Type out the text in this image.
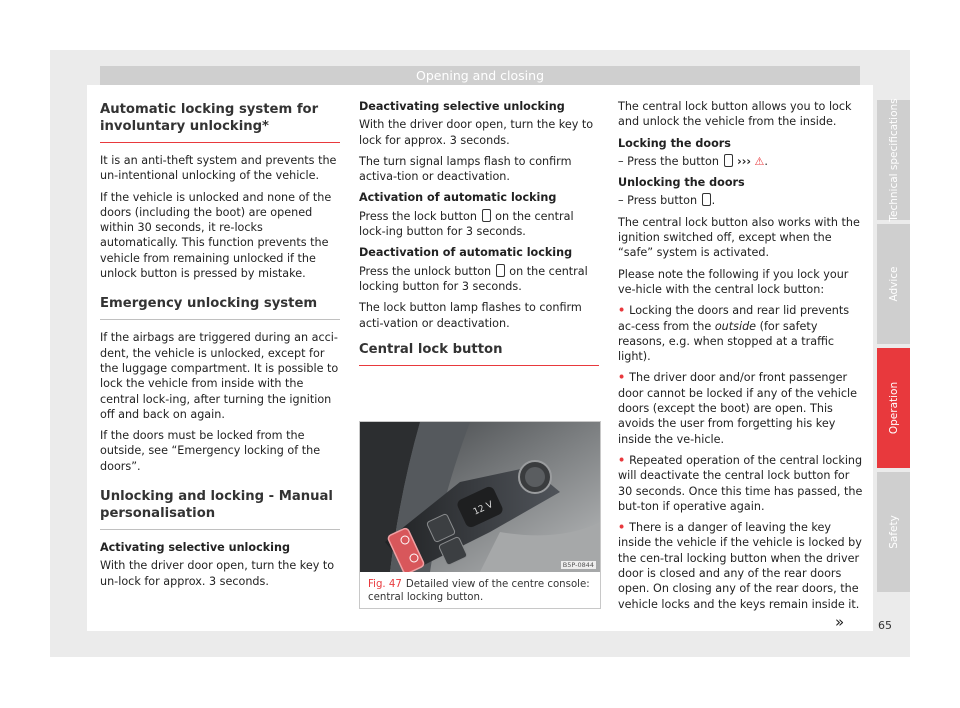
Opening and closing
Automatic locking system for involuntary unlocking*

It is an anti-theft system and prevents the un-intentional unlocking of the vehicle.

If the vehicle is unlocked and none of the doors (including the boot) are opened within 30 seconds, it re-locks automatically. This function prevents the vehicle from remaining unlocked if the unlock button is pressed by mistake.

Emergency unlocking system

If the airbags are triggered during an acci-dent, the vehicle is unlocked, except for the luggage compartment. It is possible to lock the vehicle from inside with the central lock-ing, after turning the ignition off and back on again.

If the doors must be locked from the outside, see “Emergency locking of the doors”.

Unlocking and locking - Manual personalisation
Activating selective unlocking

With the driver door open, turn the key to un-lock for approx. 3 seconds.

Deactivating selective unlocking

With the driver door open, turn the key to lock for approx. 3 seconds.

The turn signal lamps flash to confirm activa-tion or deactivation.

Activation of automatic locking

Press the lock button on the central lock-ing button for 3 seconds.

Deactivation of automatic locking

Press the unlock button on the central locking button for 3 seconds.

The lock button lamp flashes to confirm acti-vation or deactivation.

Central lock button
12 V
B5P-0844
Fig. 47 Detailed view of the centre console: central locking button.

The central lock button allows you to lock and unlock the vehicle from the inside.

Locking the doors

– Press the button ››› ⚠.

Unlocking the doors

– Press button .

The central lock button also works with the ignition switched off, except when the “safe” system is activated.

Please note the following if you lock your ve-hicle with the central lock button:

• Locking the doors and rear lid prevents ac-cess from the outside (for safety reasons, e.g. when stopped at a traffic light).

• The driver door and/or front passenger door cannot be locked if any of the vehicle doors (except the boot) are open. This avoids the user from forgetting his key inside the ve-hicle.

• Repeated operation of the central locking will deactivate the central lock button for 30 seconds. Once this time has passed, the but-ton if operative again.

• There is a danger of leaving the key inside the vehicle if the vehicle is locked by the cen-tral locking button when the driver door is closed and any of the rear doors open. On closing any of the rear doors, the vehicle locks and the keys remain inside it.

»
Technical specifications
Advice
Operation
Safety
65
